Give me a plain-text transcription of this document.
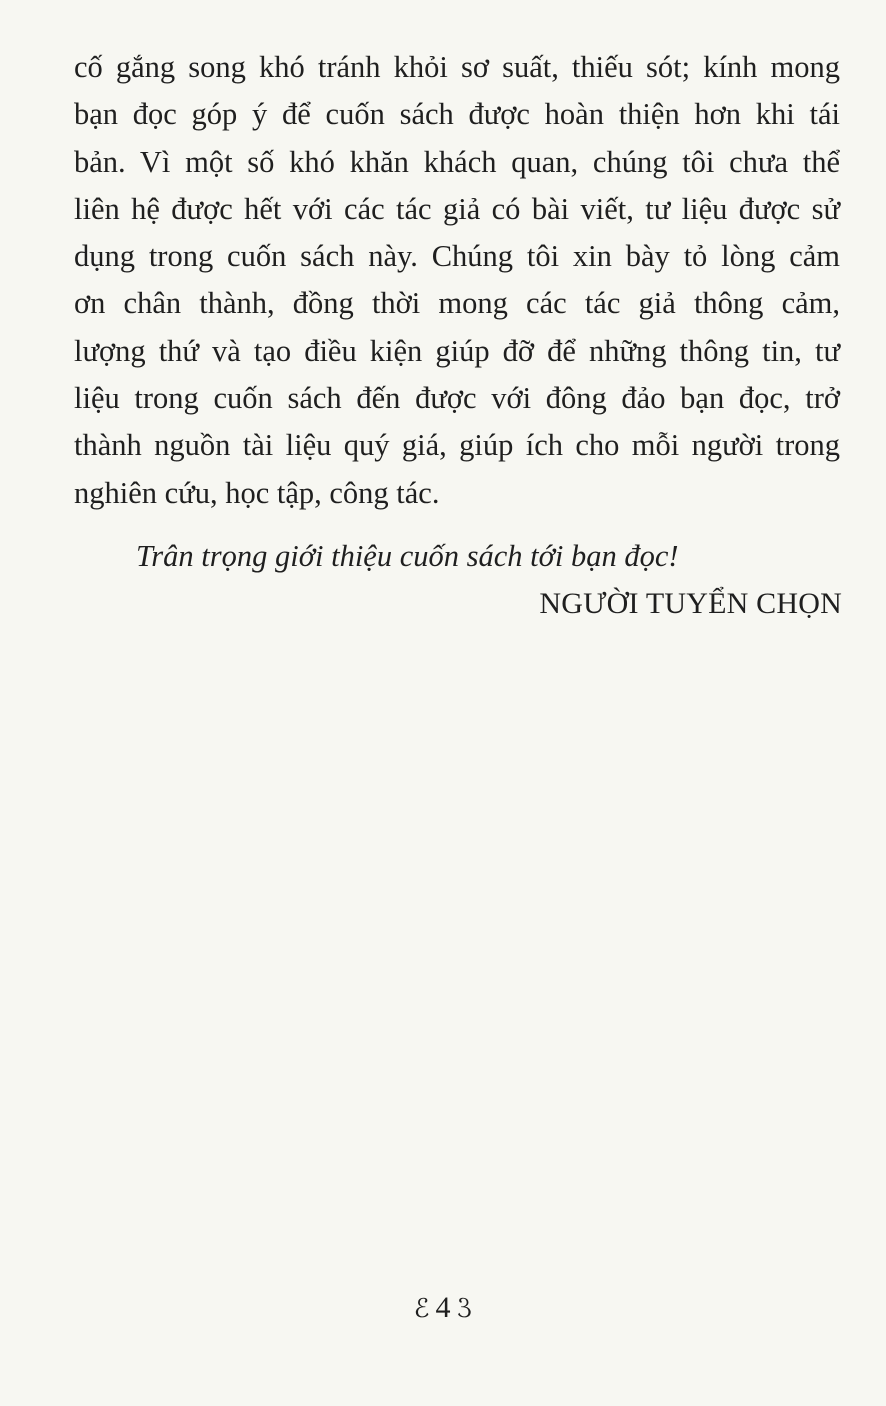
cố gắng song khó tránh khỏi sơ suất, thiếu sót; kính mong
bạn đọc góp ý để cuốn sách được hoàn thiện hơn khi tái
bản. Vì một số khó khăn khách quan, chúng tôi chưa thể
liên hệ được hết với các tác giả có bài viết, tư liệu được sử
dụng trong cuốn sách này. Chúng tôi xin bày tỏ lòng cảm
ơn chân thành, đồng thời mong các tác giả thông cảm,
lượng thứ và tạo điều kiện giúp đỡ để những thông tin, tư
liệu trong cuốn sách đến được với đông đảo bạn đọc, trở
thành nguồn tài liệu quý giá, giúp ích cho mỗi người trong
nghiên cứu, học tập, công tác.

Trân trọng giới thiệu cuốn sách tới bạn đọc!

NGƯỜI TUYỂN CHỌN

ℰ 4 ℰ
